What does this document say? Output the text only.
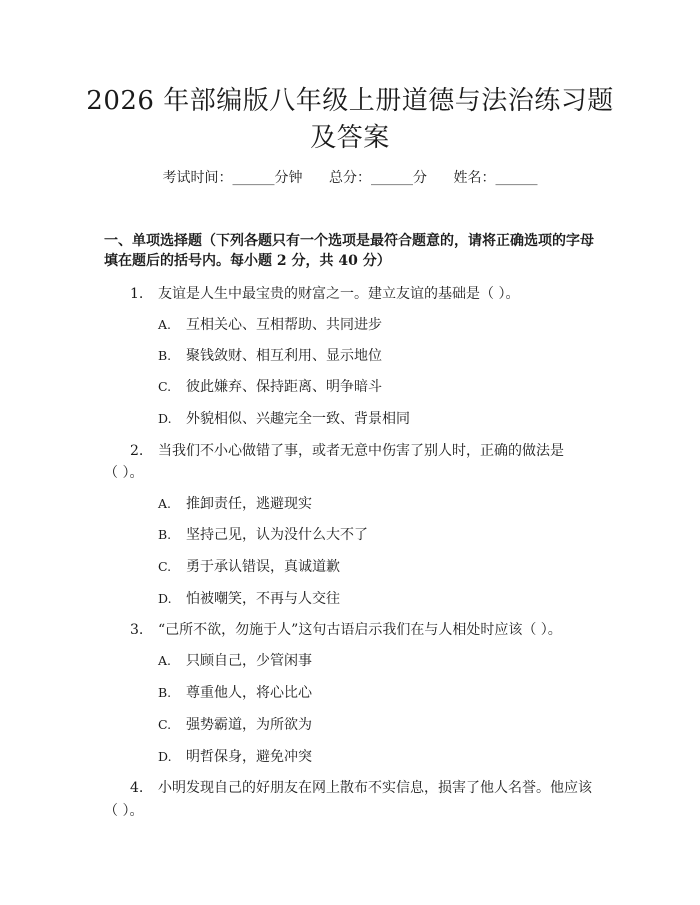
2026 年部编版八年级上册道德与法治练习题
及答案
考试时间：______分钟 总分：______分 姓名：______
一、单项选择题（下列各题只有一个选项是最符合题意的，请将正确选项的字母
填在题后的括号内。每小题 2 分，共 40 分）
1. 友谊是人生中最宝贵的财富之一。建立友谊的基础是（ ）。
A. 互相关心、互相帮助、共同进步
B. 聚钱敛财、相互利用、显示地位
C. 彼此嫌弃、保持距离、明争暗斗
D. 外貌相似、兴趣完全一致、背景相同
2. 当我们不小心做错了事，或者无意中伤害了别人时，正确的做法是
（ ）。
A. 推卸责任，逃避现实
B. 坚持己见，认为没什么大不了
C. 勇于承认错误，真诚道歉
D. 怕被嘲笑，不再与人交往
3. “己所不欲，勿施于人”这句古语启示我们在与人相处时应该（ ）。
A. 只顾自己，少管闲事
B. 尊重他人，将心比心
C. 强势霸道，为所欲为
D. 明哲保身，避免冲突
4. 小明发现自己的好朋友在网上散布不实信息，损害了他人名誉。他应该
（ ）。
